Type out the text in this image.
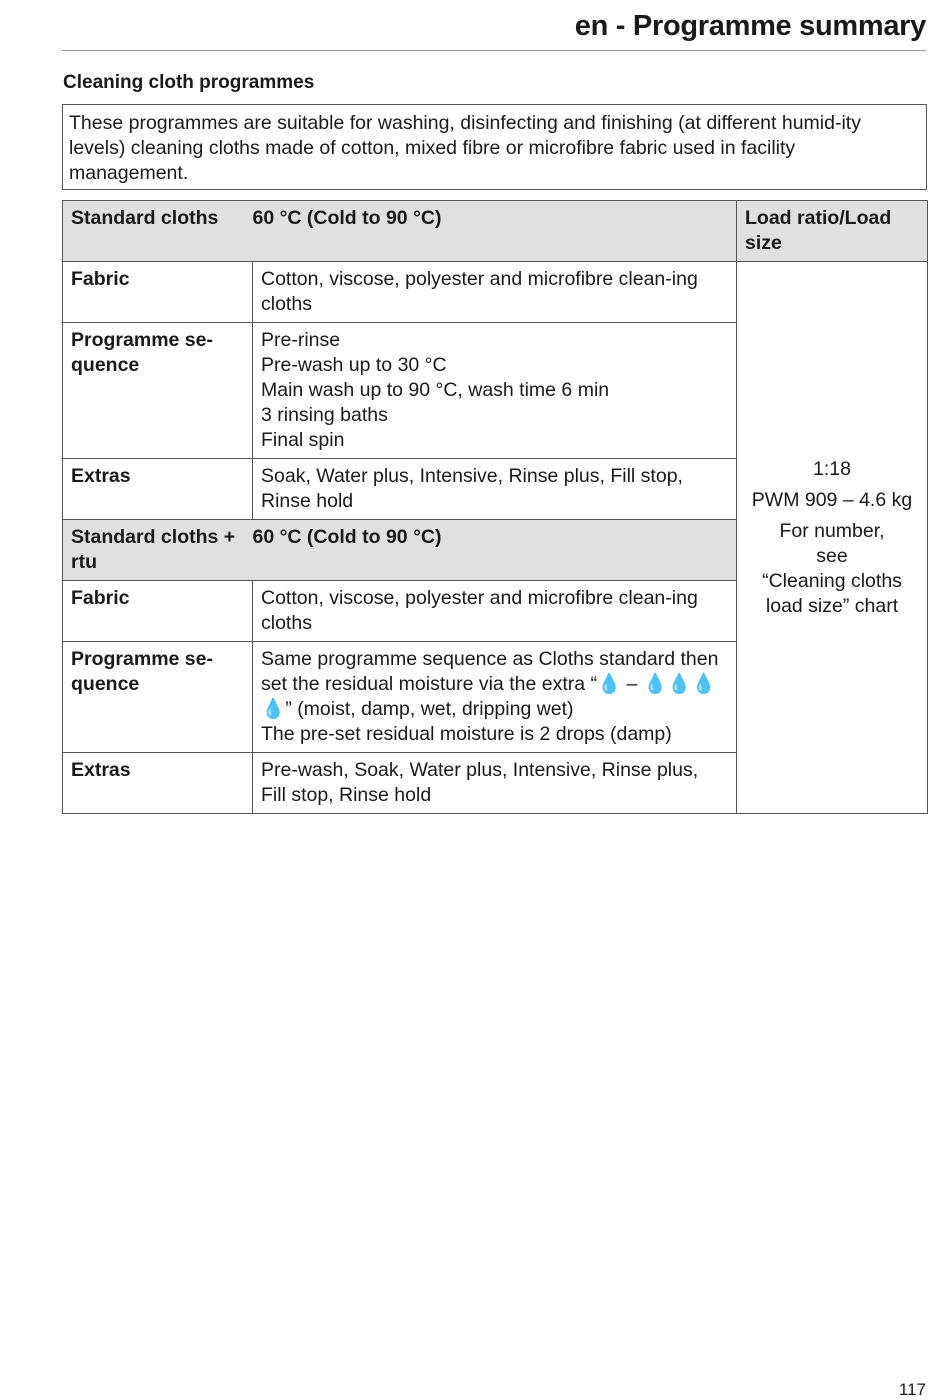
en - Programme summary
Cleaning cloth programmes
These programmes are suitable for washing, disinfecting and finishing (at different humid-ity levels) cleaning cloths made of cotton, mixed fibre or microfibre fabric used in facility management.
Standard cloths	60 °C (Cold to 90 °C)	Load ratio/Load size
Fabric	Cotton, viscose, polyester and microfibre clean-ing cloths	1:18
PWM 909 – 4.6 kg
For number,
see
“Cleaning cloths load size” chart

Programme se-quence	Pre-rinse
Pre-wash up to 30 °C
Main wash up to 90 °C, wash time 6 min
3 rinsing baths
Final spin	

Extras	Soak, Water plus, Intensive, Rinse plus, Fill stop, Rinse hold	
Standard cloths + rtu	60 °C (Cold to 90 °C)	
Fabric	Cotton, viscose, polyester and microfibre clean-ing cloths	
Programme se-quence	Same programme sequence as Cloths standard then set the residual moisture via the extra “💧 – 💧💧💧💧” (moist, damp, wet, dripping wet)
The pre-set residual moisture is 2 drops (damp)	

Extras	Pre-wash, Soak, Water plus, Intensive, Rinse plus, Fill stop, Rinse hold	
117
